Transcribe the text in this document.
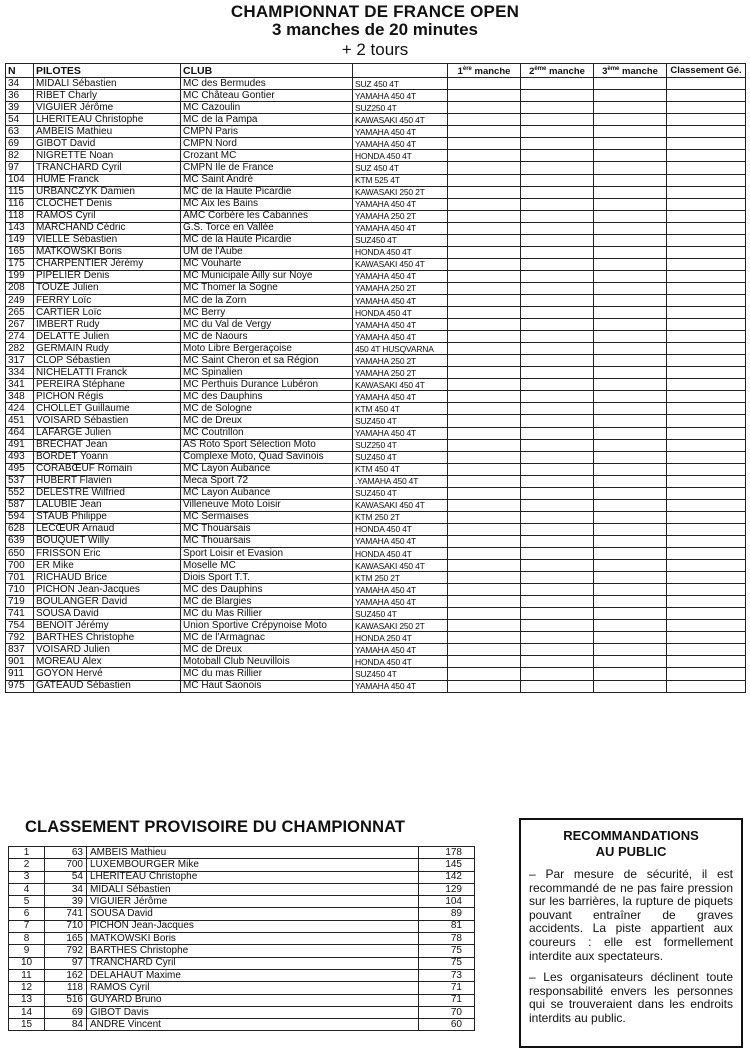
CHAMPIONNAT DE FRANCE OPEN
3 manches de 20 minutes
+ 2 tours
N	PILOTES	CLUB		1ère manche	2ème manche	3ème manche	Classement Gé.
34	MIDALI Sébastien	MC des Bermudes	SUZ 450 4T				
36	RIBET Charly	MC Château Gontier	YAMAHA 450 4T				
39	VIGUIER Jérôme	MC Cazoulin	SUZ250 4T				
54	LHÉRITEAU Christophe	MC de la Pampa	KAWASAKI 450 4T				
63	AMBEIS Mathieu	CMPN Paris	YAMAHA 450 4T				
69	GIBOT David	CMPN Nord	YAMAHA 450 4T				
82	NIGRETTE Noan	Crozant MC	HONDA 450 4T				
97	TRANCHARD Cyril	CMPN Ile de France	SUZ 450 4T				
104	HUME Franck	MC Saint André	KTM 525 4T				
115	URBANCZYK Damien	MC de la Haute Picardie	KAWASAKI 250 2T				
116	CLOCHET Denis	MC Aix les Bains	YAMAHA 450 4T				
118	RAMOS Cyril	AMC Corbère les Cabannes	YAMAHA 250 2T				
143	MARCHAND Cédric	G.S. Torce en Vallée	YAMAHA 450 4T				
149	VIELLE Sébastien	MC de la Haute Picardie	SUZ450 4T				
165	MATKOWSKI Boris	UM de l'Aube	HONDA 450 4T				
175	CHARPENTIER Jérémy	MC Vouharte	KAWASAKI 450 4T				
199	PIPELIER Denis	MC Municipale Ailly sur Noye	YAMAHA 450 4T				
208	TOUZE Julien	MC Thomer la Sogne	YAMAHA 250 2T				
249	FERRY Loïc	MC de la Zorn	YAMAHA 450 4T				
265	CARTIER Loïc	MC Berry	HONDA 450 4T				
267	IMBERT Rudy	MC du Val de Vergy	YAMAHA 450 4T				
274	DELATTE Julien	MC de Naours	YAMAHA 450 4T				
282	GERMAIN Rudy	Moto Libre Bergeraçoise	450 4T HUSQVARNA				
317	CLOP Sébastien	MC Saint Cheron et sa Région	YAMAHA 250 2T				
334	NICHELATTI Franck	MC Spinalien	YAMAHA 250 2T				
341	PEREIRA Stéphane	MC Perthuis Durance Lubéron	KAWASAKI 450 4T				
348	PICHON Régis	MC des Dauphins	YAMAHA 450 4T				
424	CHOLLET Guillaume	MC de Sologne	KTM 450 4T				
451	VOISARD Sébastien	MC de Dreux	SUZ450 4T				
464	LAFARGE Julien	MC Coutrillon	YAMAHA 450 4T				
491	BRECHAT Jean	AS Roto Sport Sélection Moto	SUZ250 4T				
493	BORDET Yoann	Complexe Moto, Quad Savinois	SUZ450 4T				
495	CORABŒUF Romain	MC Layon Aubance	KTM 450 4T				
537	HUBERT Flavien	Meca Sport 72	.YAMAHA 450 4T				
552	DELESTRE Wilfried	MC Layon Aubance	SUZ450 4T				
587	LALUBIE Jean	Villeneuve Moto Loisir	KAWASAKI 450 4T				
594	STAUB Philippe	MC Sermaises	KTM 250 2T				
628	LECŒUR Arnaud	MC Thouarsais	HONDA 450 4T				
639	BOUQUET Willy	MC Thouarsais	YAMAHA 450 4T				
650	FRISSON Eric	Sport Loisir et Evasion	HONDA 450 4T				
700	ER Mike	Moselle MC	KAWASAKI 450 4T				
701	RICHAUD Brice	Diois Sport T.T.	KTM 250 2T				
710	PICHON Jean-Jacques	MC des Dauphins	YAMAHA 450 4T				
719	BOULANGER David	MC de Blargies	YAMAHA 450 4T				
741	SOUSA David	MC du Mas Rillier	SUZ450 4T				
754	BENOIT Jérémy	Union Sportive Crépynoise Moto	KAWASAKI 250 2T				
792	BARTHES Christophe	MC de l'Armagnac	HONDA 250 4T				
837	VOISARD Julien	MC de Dreux	YAMAHA 450 4T				
901	MOREAU Alex	Motoball Club Neuvillois	HONDA 450 4T				
911	GOYON Hervé	MC du mas Rillier	SUZ450 4T				
975	GATEAUD Sébastien	MC Haut Saonois	YAMAHA 450 4T				
CLASSEMENT PROVISOIRE DU CHAMPIONNAT
1	63	AMBEIS Mathieu	178
2	700	LUXEMBOURGER Mike	145
3	54	LHERITEAU Christophe	142
4	34	MIDALI Sébastien	129
5	39	VIGUIER Jérôme	104
6	741	SOUSA David	89
7	710	PICHON Jean-Jacques	81
8	165	MATKOWSKI Boris	78
9	792	BARTHES Christophe	75
10	97	TRANCHARD Cyril	75
11	162	DELAHAUT Maxime	73
12	118	RAMOS Cyril	71
13	516	GUYARD Bruno	71
14	69	GIBOT Davis	70
15	84	ANDRE Vincent	60
RECOMMANDATIONS
AU PUBLIC
– Par mesure de sécurité, il est recommandé de ne pas faire pression sur les barrières, la rupture de piquets pouvant entraîner de graves accidents. La piste appartient aux coureurs : elle est formellement interdite aux spectateurs.
– Les organisateurs déclinent toute responsabilité envers les personnes qui se trouveraient dans les endroits interdits au public.
